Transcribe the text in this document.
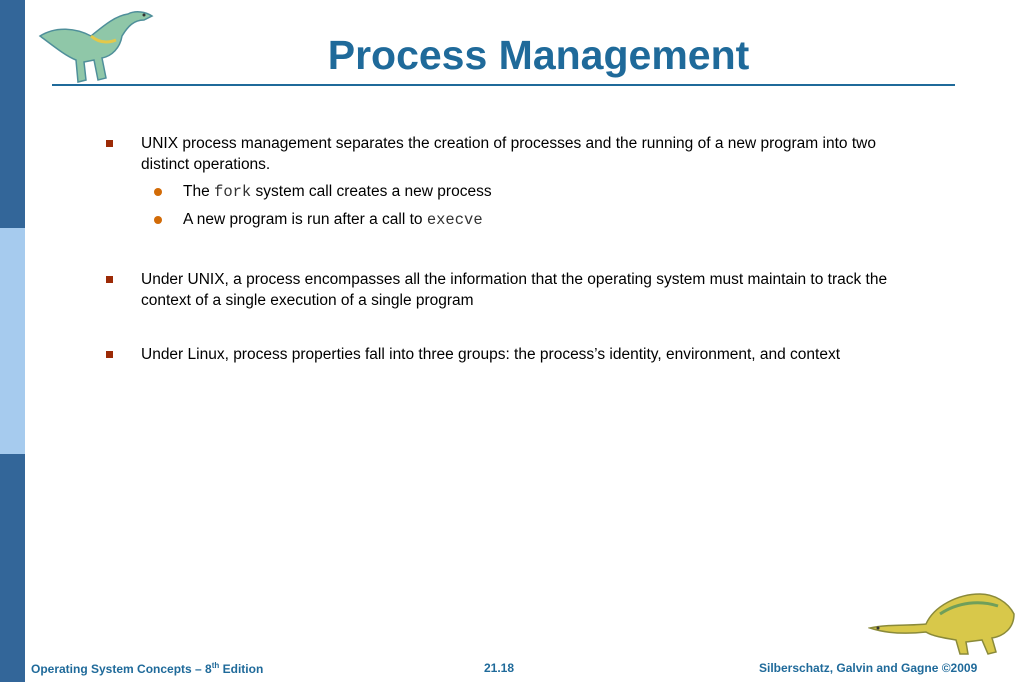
Process Management
UNIX process management separates the creation of processes and the running of a new program into two distinct operations.
The fork system call creates a new process
A new program is run after a call to execve
Under UNIX, a process encompasses all the information that the operating system must maintain to track the context of a single execution of a single program
Under Linux, process properties fall into three groups: the process’s identity, environment, and context
Operating System Concepts – 8th Edition	21.18	Silberschatz, Galvin and Gagne ©2009
